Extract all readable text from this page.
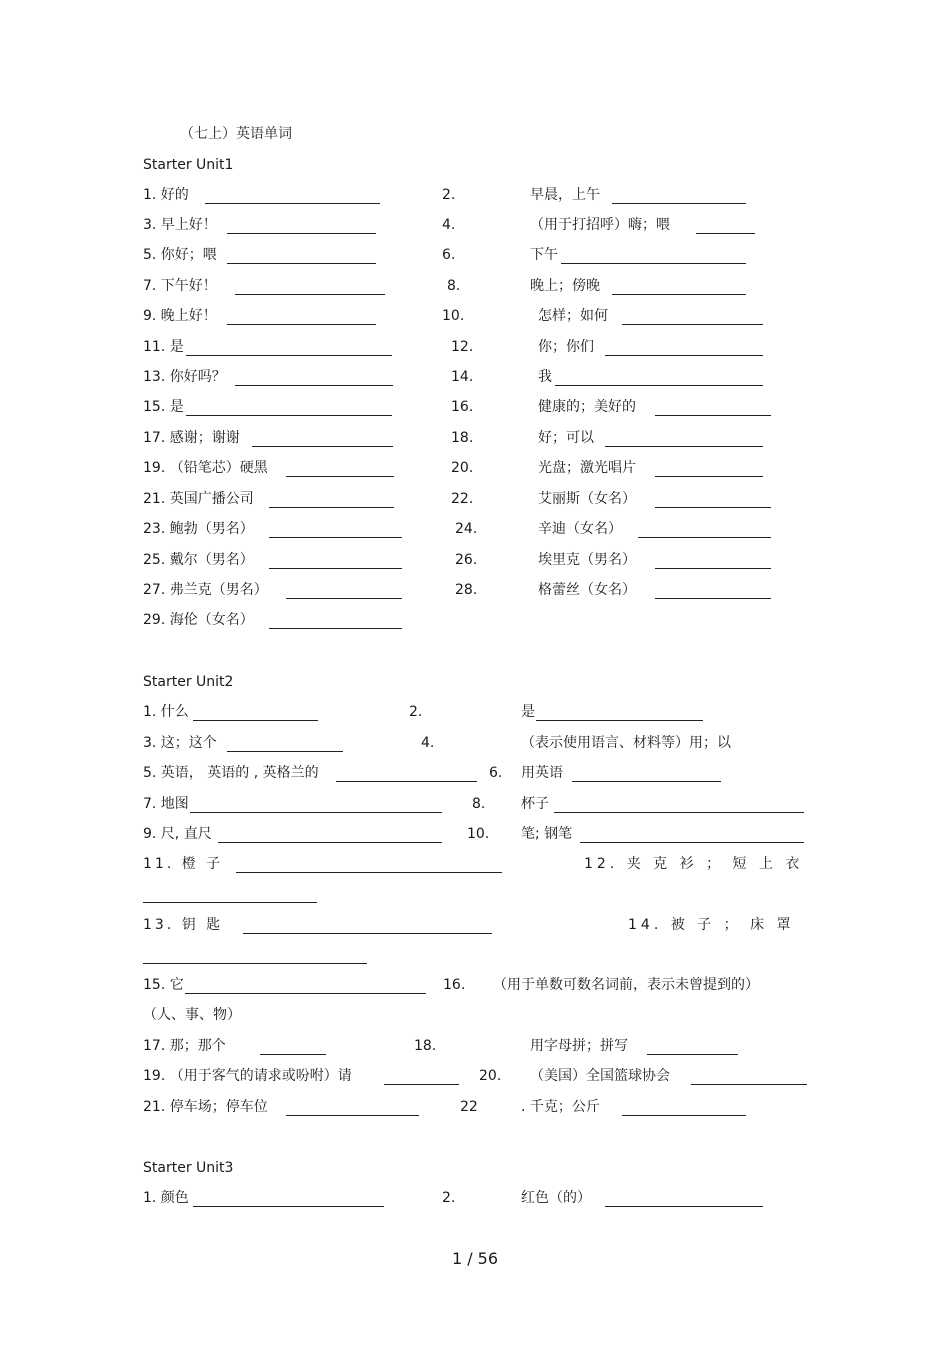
（七上）英语单词
Starter Unit1
1. 好的	2.	早晨，上午
3. 早上好！	4.	（用于打招呼）嗨；喂
5. 你好；喂	6.	下午
7. 下午好！	8.	晚上；傍晚
9. 晚上好！	10.	怎样；如何
11. 是	12.	你；你们
13. 你好吗？	14.	我
15. 是	16.	健康的；美好的
17. 感谢；谢谢	18.	好；可以
19. （铅笔芯）硬黑	20.	光盘；激光唱片
21. 英国广播公司	22.	艾丽斯（女名）
23. 鲍勃（男名）	24.	辛迪（女名）
25. 戴尔（男名）	26.	埃里克（男名）
27. 弗兰克（男名）	28.	格蕾丝（女名）
29. 海伦（女名）
Starter Unit2
1. 什么	2.	是
3. 这；这个	4.	（表示使用语言、材料等）用；以
5. 英语， 英语的 , 英格兰的	6. 用英语
7. 地图	8.	杯子
9. 尺, 直尺	10. 笔; 钢笔
11. 橙 子	12. 夹 克 衫 ； 短 上 衣
13. 钥 匙	14. 被 子 ； 床 罩
15. 它	16. （用于单数可数名词前，表示未曾提到的）
（人、事、物）
17. 那；那个	18.	用字母拼；拼写
19. （用于客气的请求或吩咐）请	20. （美国）全国篮球协会
21. 停车场；停车位	22	. 千克；公斤
Starter Unit3
1. 颜色	2.	红色（的）
1 / 56
